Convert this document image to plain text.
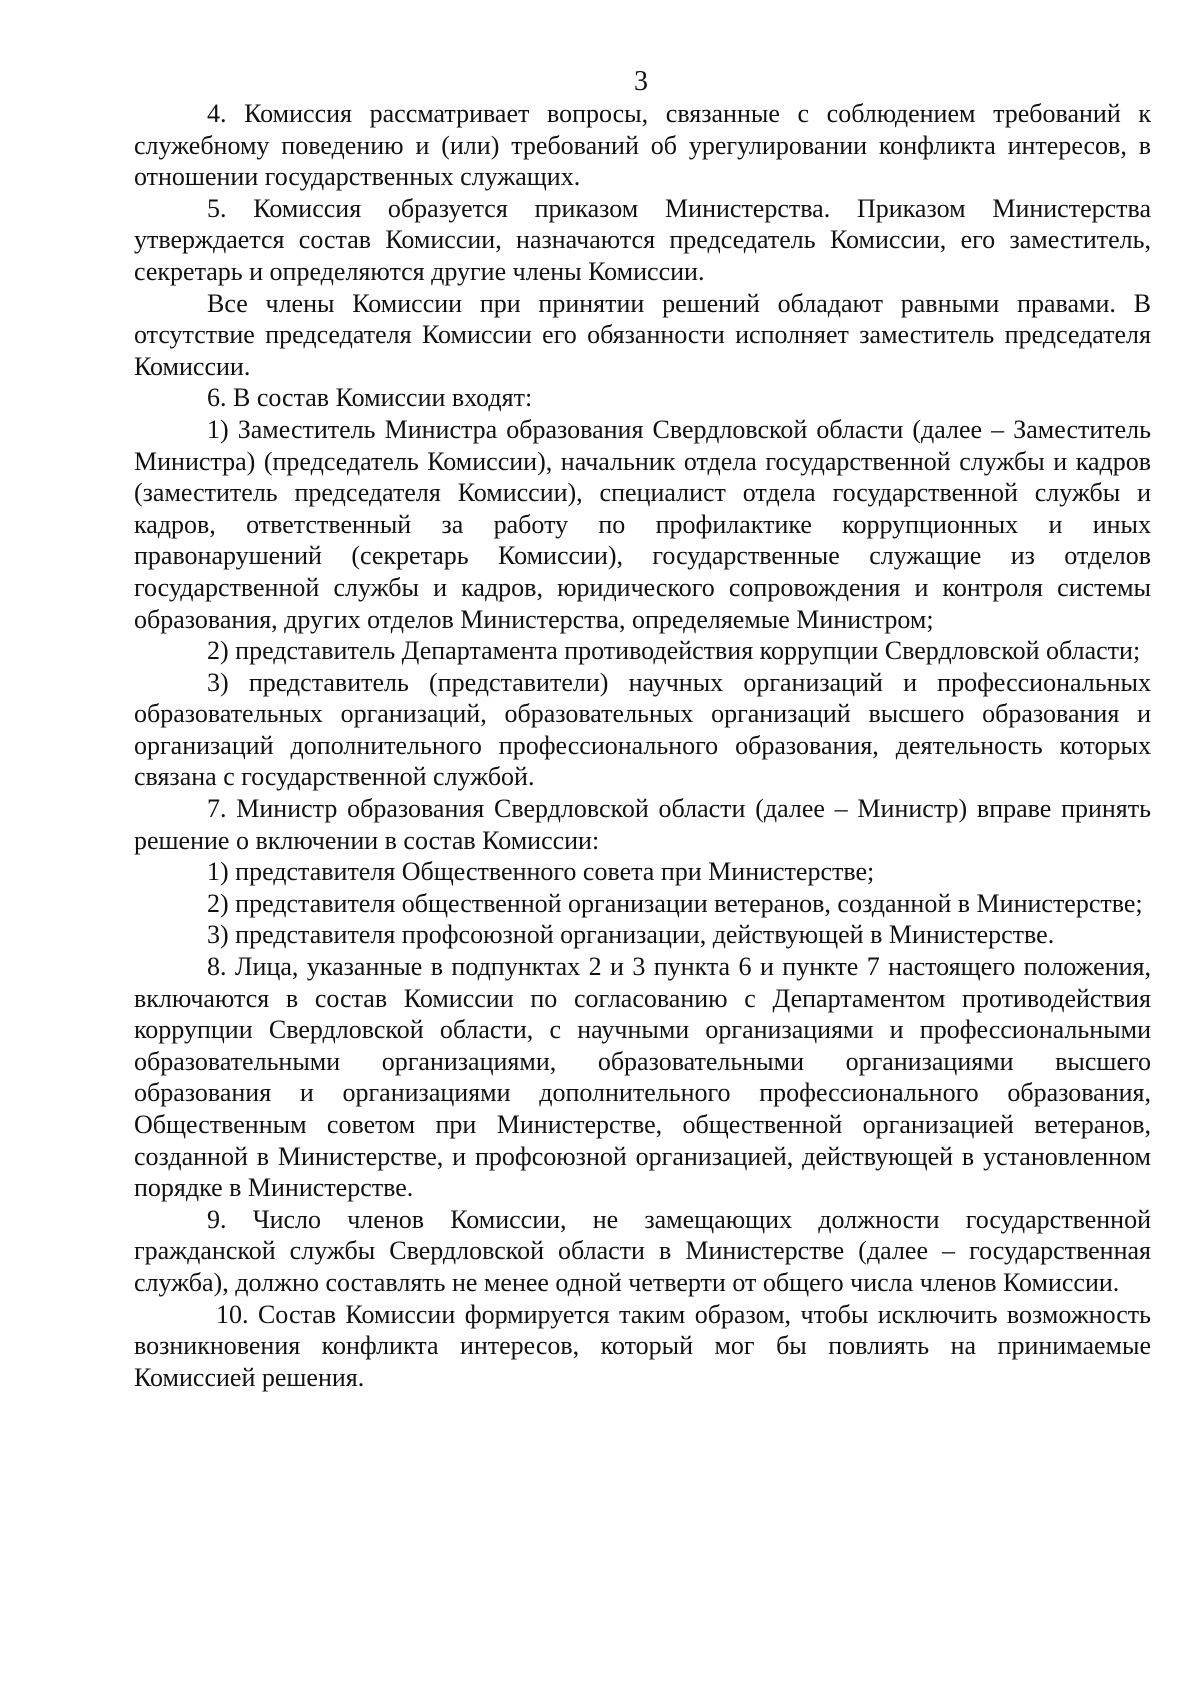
3

4. Комиссия рассматривает вопросы, связанные с соблюдением требований к служебному поведению и (или) требований об урегулировании конфликта интересов, в отношении государственных служащих.

5. Комиссия образуется приказом Министерства. Приказом Министерства утверждается состав Комиссии, назначаются председатель Комиссии, его заместитель, секретарь и определяются другие члены Комиссии.

Все члены Комиссии при принятии решений обладают равными правами. В отсутствие председателя Комиссии его обязанности исполняет заместитель председателя Комиссии.

6. В состав Комиссии входят:

1) Заместитель Министра образования Свердловской области (далее – Заместитель Министра) (председатель Комиссии), начальник отдела государственной службы и кадров (заместитель председателя Комиссии), специалист отдела государственной службы и кадров, ответственный за работу по профилактике коррупционных и иных правонарушений (секретарь Комиссии), государственные служащие из отделов государственной службы и кадров, юридического сопровождения и контроля системы образования, других отделов Министерства, определяемые Министром;

2) представитель Департамента противодействия коррупции Свердловской области;

3) представитель (представители) научных организаций и профессиональных образовательных организаций, образовательных организаций высшего образования и организаций дополнительного профессионального образования, деятельность которых связана с государственной службой.

7. Министр образования Свердловской области (далее – Министр) вправе принять решение о включении в состав Комиссии:

1) представителя Общественного совета при Министерстве;

2) представителя общественной организации ветеранов, созданной в Министерстве;

3) представителя профсоюзной организации, действующей в Министерстве.

8. Лица, указанные в подпунктах 2 и 3 пункта 6 и пункте 7 настоящего положения, включаются в состав Комиссии по согласованию с Департаментом противодействия коррупции Свердловской области, с научными организациями и профессиональными образовательными организациями, образовательными организациями высшего образования и организациями дополнительного профессионального образования, Общественным советом при Министерстве, общественной организацией ветеранов, созданной в Министерстве, и профсоюзной организацией, действующей в установленном порядке в Министерстве.

9. Число членов Комиссии, не замещающих должности государственной гражданской службы Свердловской области в Министерстве (далее – государственная служба), должно составлять не менее одной четверти от общего числа членов Комиссии.

10. Состав Комиссии формируется таким образом, чтобы исключить возможность возникновения конфликта интересов, который мог бы повлиять на принимаемые Комиссией решения.
